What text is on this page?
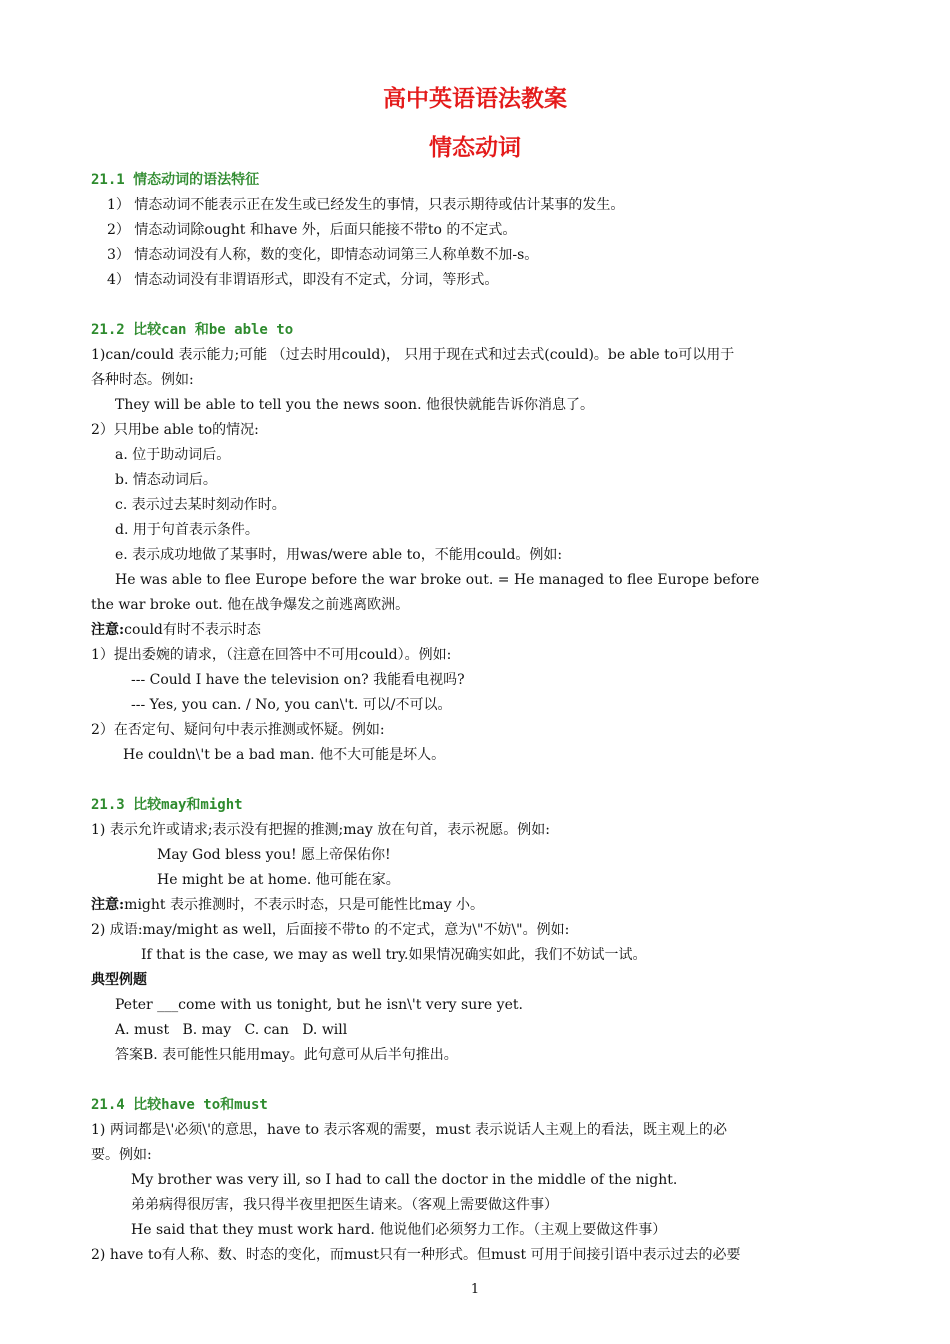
高中英语语法教案
情态动词
21.1 情态动词的语法特征
1） 情态动词不能表示正在发生或已经发生的事情，只表示期待或估计某事的发生。
2） 情态动词除ought 和have 外，后面只能接不带to 的不定式。
3） 情态动词没有人称，数的变化，即情态动词第三人称单数不加-s。
4） 情态动词没有非谓语形式，即没有不定式，分词，等形式。
21.2 比较can 和be able to
1)can/could 表示能力;可能 （过去时用could)， 只用于现在式和过去式(could)。be able to可以用于
各种时态。例如:
They will be able to tell you the news soon. 他很快就能告诉你消息了。
2）只用be able to的情况:
a. 位于助动词后。
b. 情态动词后。
c. 表示过去某时刻动作时。
d. 用于句首表示条件。
e. 表示成功地做了某事时，用was/were able to，不能用could。例如:
He was able to flee Europe before the war broke out. = He managed to flee Europe before
the war broke out. 他在战争爆发之前逃离欧洲。
注意:could有时不表示时态
1）提出委婉的请求，（注意在回答中不可用could）。例如:
--- Could I have the television on? 我能看电视吗?
--- Yes, you can. / No, you can\'t. 可以/不可以。
2）在否定句、疑问句中表示推测或怀疑。例如:
He couldn\'t be a bad man. 他不大可能是坏人。
21.3 比较may和might
1) 表示允许或请求;表示没有把握的推测;may 放在句首，表示祝愿。例如:
May God bless you! 愿上帝保佑你!
He might be at home. 他可能在家。
注意:might 表示推测时，不表示时态，只是可能性比may 小。
2) 成语:may/might as well，后面接不带to 的不定式，意为\"不妨\"。例如:
If that is the case, we may as well try.如果情况确实如此，我们不妨试一试。
典型例题
Peter ___come with us tonight, but he isn\'t very sure yet.
A. must   B. may   C. can   D. will
答案B. 表可能性只能用may。此句意可从后半句推出。
21.4 比较have to和must
1) 两词都是\'必须\'的意思，have to 表示客观的需要，must 表示说话人主观上的看法，既主观上的必
要。例如:
My brother was very ill, so I had to call the doctor in the middle of the night.
弟弟病得很厉害，我只得半夜里把医生请来。（客观上需要做这件事）
He said that they must work hard. 他说他们必须努力工作。（主观上要做这件事）
2) have to有人称、数、时态的变化，而must只有一种形式。但must 可用于间接引语中表示过去的必要
1
